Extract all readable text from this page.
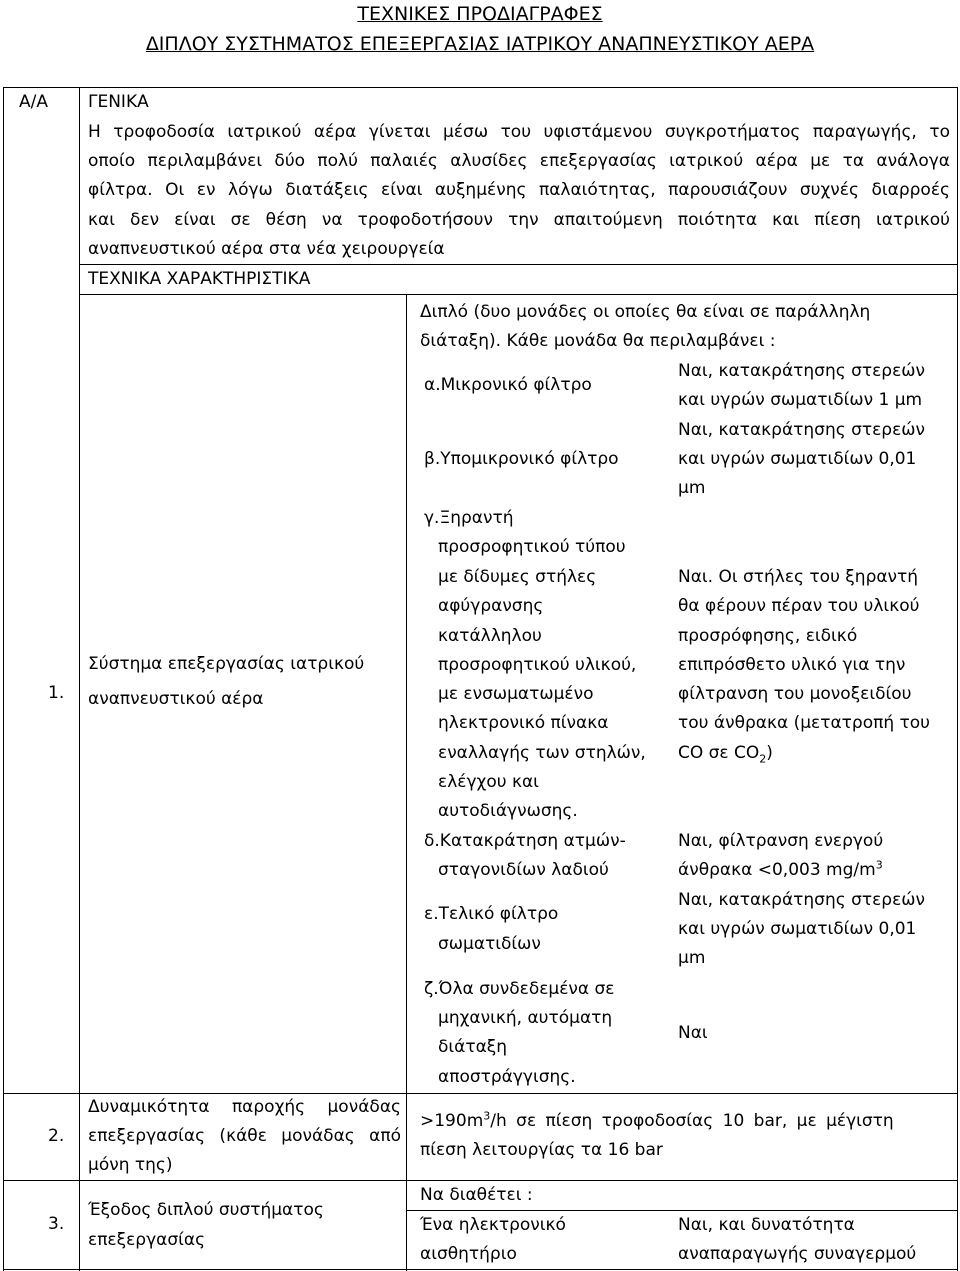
ΤΕΧΝΙΚΕΣ ΠΡΟΔΙΑΓΡΑΦΕΣ
ΔΙΠΛΟΥ ΣΥΣΤΗΜΑΤΟΣ ΕΠΕΞΕΡΓΑΣΙΑΣ ΙΑΤΡΙΚΟΥ ΑΝΑΠΝΕΥΣΤΙΚΟΥ ΑΕΡΑ
Α/Α ΓΕΝΙΚΑ
Η τροφοδοσία ιατρικού αέρα γίνεται μέσω του υφιστάμενου συγκροτήματος παραγωγής, το
οποίο περιλαμβάνει δύο πολύ παλαιές αλυσίδες επεξεργασίας ιατρικού αέρα με τα ανάλογα
φίλτρα. Οι εν λόγω διατάξεις είναι αυξημένης παλαιότητας, παρουσιάζουν συχνές διαρροές
και δεν είναι σε θέση να τροφοδοτήσουν την απαιτούμενη ποιότητα και πίεση ιατρικού
αναπνευστικού αέρα στα νέα χειρουργεία
ΤΕΧΝΙΚΑ ΧΑΡΑΚΤΗΡΙΣΤΙΚΑ
1.
Σύστημα επεξεργασίας ιατρικού
αναπνευστικού αέρα
Διπλό (δυο μονάδες οι οποίες θα είναι σε παράλληλη
διάταξη). Κάθε μονάδα θα περιλαμβάνει :
α.Μικρονικό φίλτρο
Ναι, κατακράτησης στερεών
και υγρών σωματιδίων 1 μm
β.Υπομικρονικό φίλτρο
Ναι, κατακράτησης στερεών
και υγρών σωματιδίων 0,01
μm
γ.Ξηραντή
προσροφητικού τύπου
με δίδυμες στήλες
αφύγρανσης
κατάλληλου
προσροφητικού υλικού,
με ενσωματωμένο
ηλεκτρονικό πίνακα
εναλλαγής των στηλών,
ελέγχου και
αυτοδιάγνωσης.
Ναι. Οι στήλες του ξηραντή
θα φέρουν πέραν του υλικού
προσρόφησης, ειδικό
επιπρόσθετο υλικό για την
φίλτρανση του μονοξειδίου
του άνθρακα (μετατροπή του
CO σε $CO_2$)
δ.Κατακράτηση ατμών-
σταγονιδίων λαδιού
Ναι, φίλτρανση ενεργού
άνθρακα <0,003 $mg/m^3$
ε.Τελικό φίλτρο
σωματιδίων
Ναι, κατακράτησης στερεών
και υγρών σωματιδίων 0,01
μm
ζ.Όλα συνδεδεμένα σε
μηχανική, αυτόματη
διάταξη
αποστράγγισης.
Ναι
2.
Δυναμικότητα παροχής μονάδας
επεξεργασίας (κάθε μονάδας από
μόνη της)
$>190m^3/h$ σε πίεση τροφοδοσίας 10 bar, με μέγιστη
πίεση λειτουργίας τα 16 bar
3.
Έξοδος διπλού συστήματος
επεξεργασίας
Να διαθέτει :
Ένα ηλεκτρονικό
αισθητήριο
Ναι, και δυνατότητα
αναπαραγωγής συναγερμού
